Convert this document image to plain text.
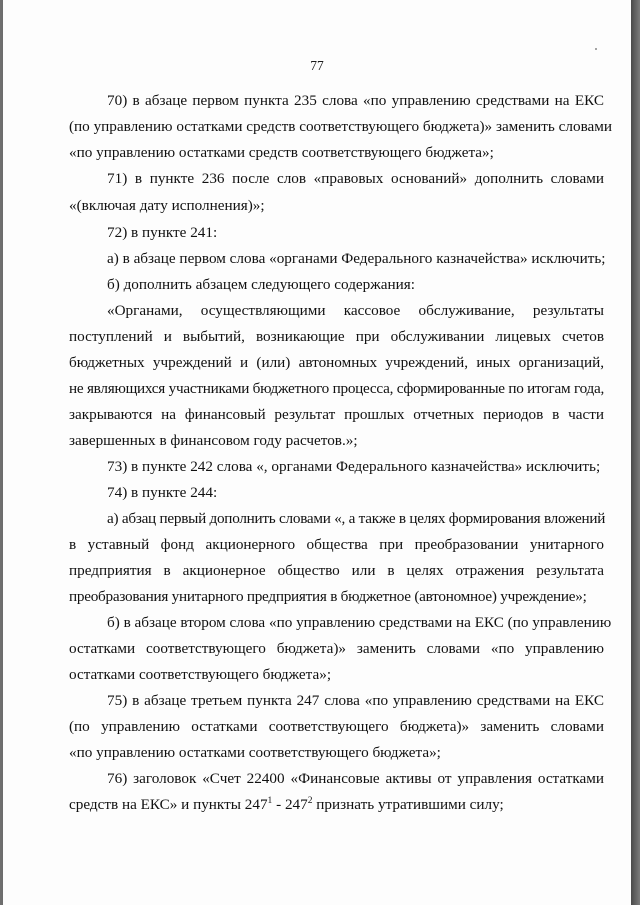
77
70) в абзаце первом пункта 235 слова «по управлению средствами на ЕКС
(по управлению остатками средств соответствующего бюджета)» заменить словами
«по управлению остатками средств соответствующего бюджета»;
71) в пункте 236 после слов «правовых оснований» дополнить словами
«(включая дату исполнения)»;
72) в пункте 241:
а) в абзаце первом слова «органами Федерального казначейства» исключить;
б) дополнить абзацем следующего содержания:
«Органами, осуществляющими кассовое обслуживание, результаты
поступлений и выбытий, возникающие при обслуживании лицевых счетов
бюджетных учреждений и (или) автономных учреждений, иных организаций,
не являющихся участниками бюджетного процесса, сформированные по итогам года,
закрываются на финансовый результат прошлых отчетных периодов в части
завершенных в финансовом году расчетов.»;
73) в пункте 242 слова «, органами Федерального казначейства» исключить;
74) в пункте 244:
а) абзац первый дополнить словами «, а также в целях формирования вложений
в уставный фонд акционерного общества при преобразовании унитарного
предприятия в акционерное общество или в целях отражения результата
преобразования унитарного предприятия в бюджетное (автономное) учреждение»;
б) в абзаце втором слова «по управлению средствами на ЕКС (по управлению
остатками соответствующего бюджета)» заменить словами «по управлению
остатками соответствующего бюджета»;
75) в абзаце третьем пункта 247 слова «по управлению средствами на ЕКС
(по управлению остатками соответствующего бюджета)» заменить словами
«по управлению остатками соответствующего бюджета»;
76) заголовок «Счет 22400 «Финансовые активы от управления остатками
средств на ЕКС» и пункты $247^1 - 247^2$ признать утратившими силу;
